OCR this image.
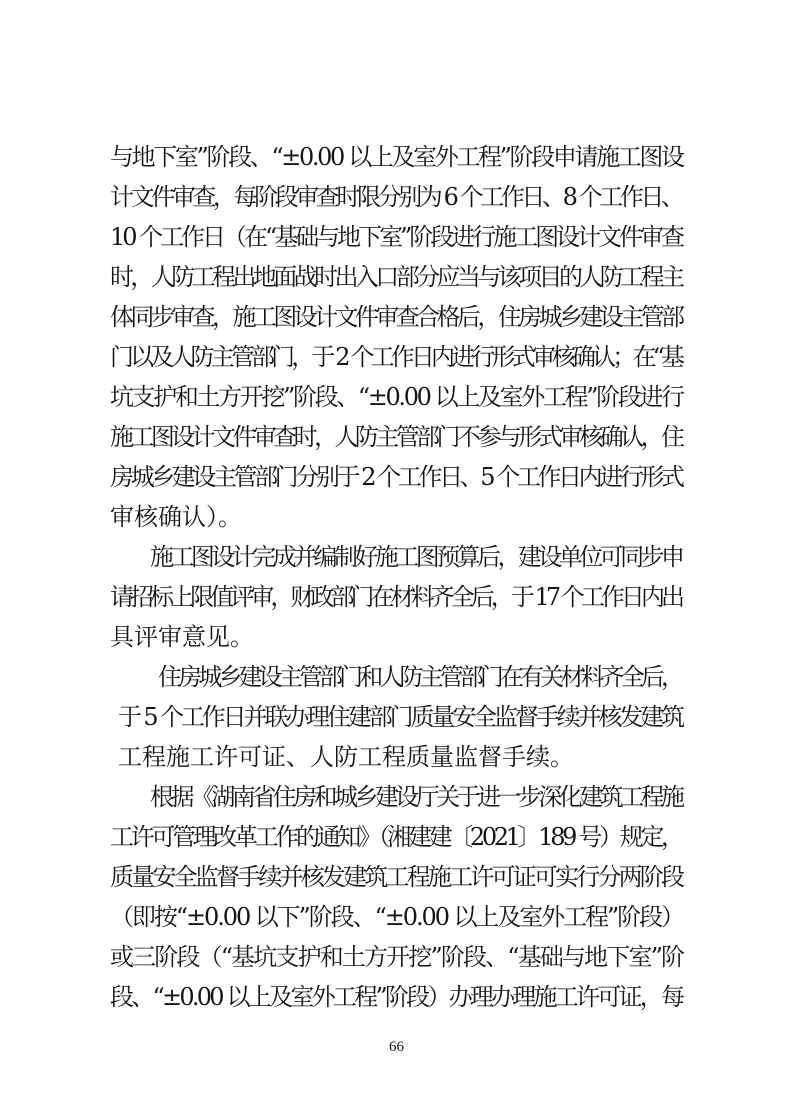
与地下室”阶段、“±0.00 以上及室外工程”阶段申请施工图设
计文件审查，每阶段审查时限分别为 6 个工作日、8 个工作日、
10 个工作日（在“基础与地下室”阶段进行施工图设计文件审查
时，人防工程出地面战时出入口部分应当与该项目的人防工程主
体同步审查，施工图设计文件审查合格后，住房城乡建设主管部
门以及人防主管部门，于 2 个工作日内进行形式审核确认；在“基
坑支护和土方开挖”阶段、“±0.00 以上及室外工程”阶段进行
施工图设计文件审查时，人防主管部门不参与形式审核确认，住
房城乡建设主管部门分别于 2 个工作日、5 个工作日内进行形式
审核确认）。
施工图设计完成并编制好施工图预算后，建设单位可同步申
请招标上限值评审，财政部门在材料齐全后，于 17 个工作日内出
具评审意见。
住房城乡建设主管部门和人防主管部门在有关材料齐全后，
于 5 个工作日并联办理住建部门质量安全监督手续并核发建筑
工程施工许可证、人防工程质量监督手续。
根据《湖南省住房和城乡建设厅关于进一步深化建筑工程施
工许可管理改革工作的通知》（湘建建〔2021〕189 号）规定，
质量安全监督手续并核发建筑工程施工许可证可实行分两阶段
（即按“±0.00 以下”阶段、“±0.00 以上及室外工程”阶段）
或三阶段（“基坑支护和土方开挖”阶段、“基础与地下室”阶
段、“±0.00 以上及室外工程”阶段）办理办理施工许可证，每
66
